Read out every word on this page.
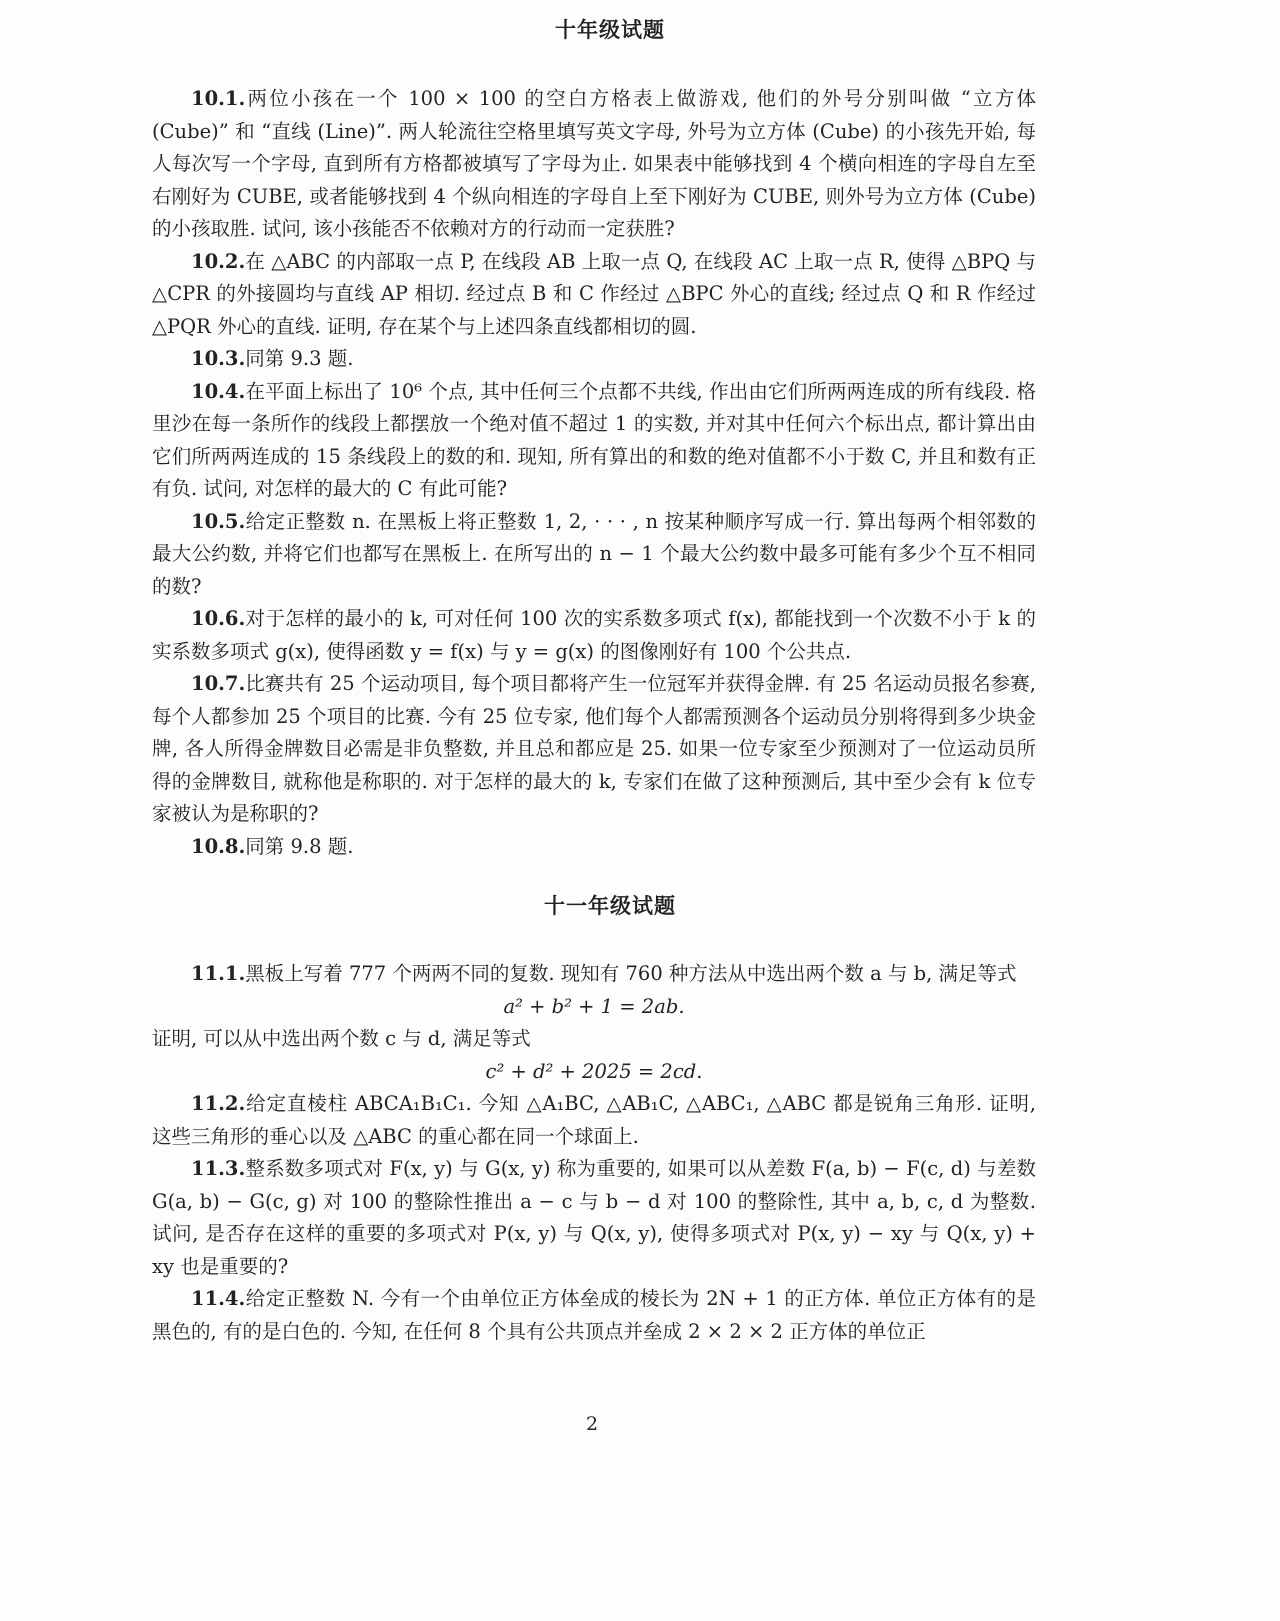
十年级试题

10.1.两位小孩在一个 100 × 100 的空白方格表上做游戏, 他们的外号分别叫做 “立方体 (Cube)” 和 “直线 (Line)”. 两人轮流往空格里填写英文字母, 外号为立方体 (Cube) 的小孩先开始, 每人每次写一个字母, 直到所有方格都被填写了字母为止. 如果表中能够找到 4 个横向相连的字母自左至右刚好为 CUBE, 或者能够找到 4 个纵向相连的字母自上至下刚好为 CUBE, 则外号为立方体 (Cube) 的小孩取胜. 试问, 该小孩能否不依赖对方的行动而一定获胜?

10.2.在 △ABC 的内部取一点 P, 在线段 AB 上取一点 Q, 在线段 AC 上取一点 R, 使得 △BPQ 与 △CPR 的外接圆均与直线 AP 相切. 经过点 B 和 C 作经过 △BPC 外心的直线; 经过点 Q 和 R 作经过 △PQR 外心的直线. 证明, 存在某个与上述四条直线都相切的圆.

10.3.同第 9.3 题.

10.4.在平面上标出了 10⁶ 个点, 其中任何三个点都不共线, 作出由它们所两两连成的所有线段. 格里沙在每一条所作的线段上都摆放一个绝对值不超过 1 的实数, 并对其中任何六个标出点, 都计算出由它们所两两连成的 15 条线段上的数的和. 现知, 所有算出的和数的绝对值都不小于数 C, 并且和数有正有负. 试问, 对怎样的最大的 C 有此可能?

10.5.给定正整数 n. 在黑板上将正整数 1, 2, · · · , n 按某种顺序写成一行. 算出每两个相邻数的最大公约数, 并将它们也都写在黑板上. 在所写出的 n − 1 个最大公约数中最多可能有多少个互不相同的数?

10.6.对于怎样的最小的 k, 可对任何 100 次的实系数多项式 f(x), 都能找到一个次数不小于 k 的实系数多项式 g(x), 使得函数 y = f(x) 与 y = g(x) 的图像刚好有 100 个公共点.

10.7.比赛共有 25 个运动项目, 每个项目都将产生一位冠军并获得金牌. 有 25 名运动员报名参赛, 每个人都参加 25 个项目的比赛. 今有 25 位专家, 他们每个人都需预测各个运动员分别将得到多少块金牌, 各人所得金牌数目必需是非负整数, 并且总和都应是 25. 如果一位专家至少预测对了一位运动员所得的金牌数目, 就称他是称职的. 对于怎样的最大的 k, 专家们在做了这种预测后, 其中至少会有 k 位专家被认为是称职的?

10.8.同第 9.8 题.

十一年级试题

11.1.黑板上写着 777 个两两不同的复数. 现知有 760 种方法从中选出两个数 a 与 b, 满足等式

a² + b² + 1 = 2ab.

证明, 可以从中选出两个数 c 与 d, 满足等式

c² + d² + 2025 = 2cd.

11.2.给定直棱柱 ABCA₁B₁C₁. 今知 △A₁BC, △AB₁C, △ABC₁, △ABC 都是锐角三角形. 证明, 这些三角形的垂心以及 △ABC 的重心都在同一个球面上.

11.3.整系数多项式对 F(x, y) 与 G(x, y) 称为重要的, 如果可以从差数 F(a, b) − F(c, d) 与差数 G(a, b) − G(c, g) 对 100 的整除性推出 a − c 与 b − d 对 100 的整除性, 其中 a, b, c, d 为整数. 试问, 是否存在这样的重要的多项式对 P(x, y) 与 Q(x, y), 使得多项式对 P(x, y) − xy 与 Q(x, y) + xy 也是重要的?

11.4.给定正整数 N. 今有一个由单位正方体垒成的棱长为 2N + 1 的正方体. 单位正方体有的是黑色的, 有的是白色的. 今知, 在任何 8 个具有公共顶点并垒成 2 × 2 × 2 正方体的单位正

2
